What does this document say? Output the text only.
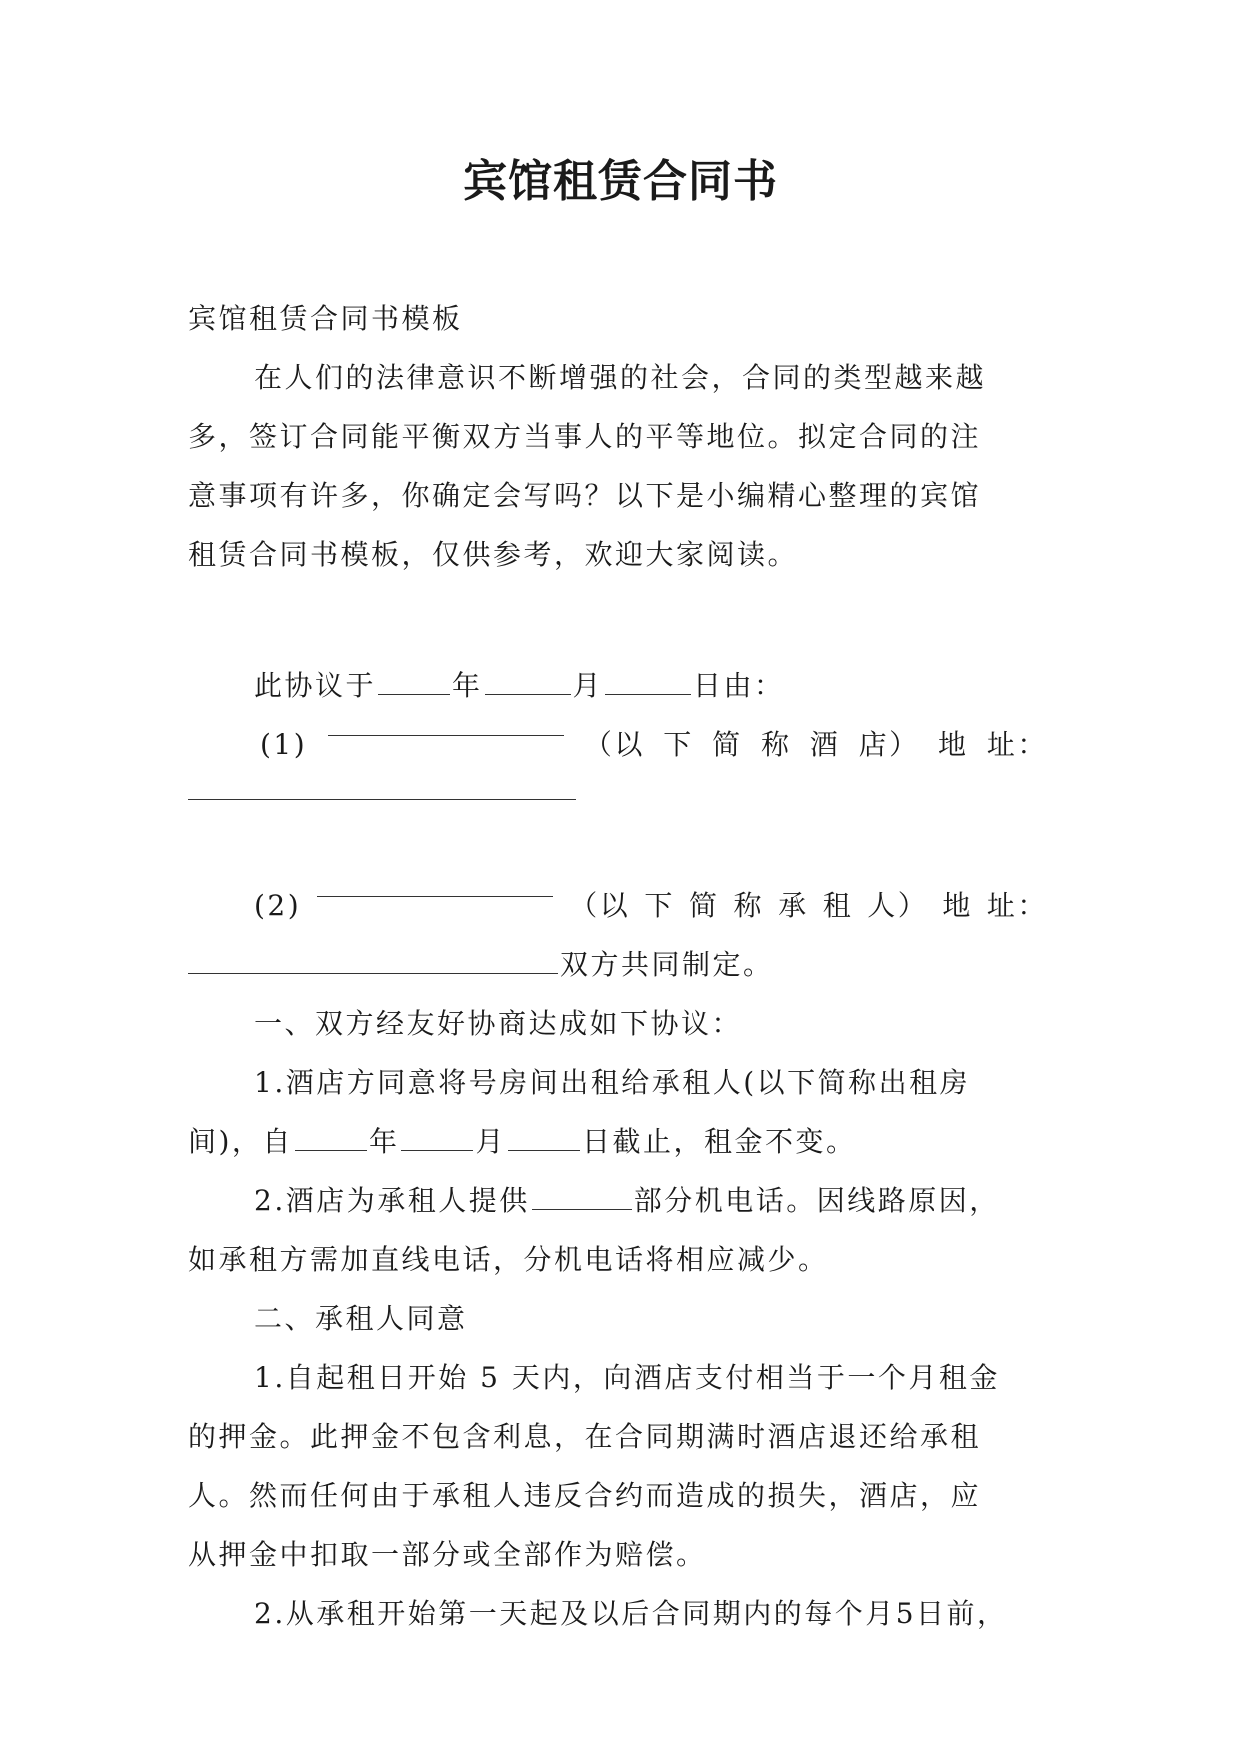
宾馆租赁合同书
宾馆租赁合同书模板
在人们的法律意识不断增强的社会，合同的类型越来越
多，签订合同能平衡双方当事人的平等地位。拟定合同的注
意事项有许多，你确定会写吗？以下是小编精心整理的宾馆
租赁合同书模板，仅供参考，欢迎大家阅读。
此协议于	年	月	日由：
(1)	（以 下 简 称 酒 店） 地 址：
(2)	（以 下 简 称 承 租 人） 地 址：
双方共同制定。
一、双方经友好协商达成如下协议：
1.酒店方同意将号房间出租给承租人(以下简称出租房
间)，自	年	月	日截止，租金不变。
2.酒店为承租人提供	部分机电话。因线路原因，
如承租方需加直线电话，分机电话将相应减少。
二、承租人同意
1.自起租日开始 5 天内，向酒店支付相当于一个月租金
的押金。此押金不包含利息，在合同期满时酒店退还给承租
人。然而任何由于承租人违反合约而造成的损失，酒店，应
从押金中扣取一部分或全部作为赔偿。
2.从承租开始第一天起及以后合同期内的每个月5日前，
